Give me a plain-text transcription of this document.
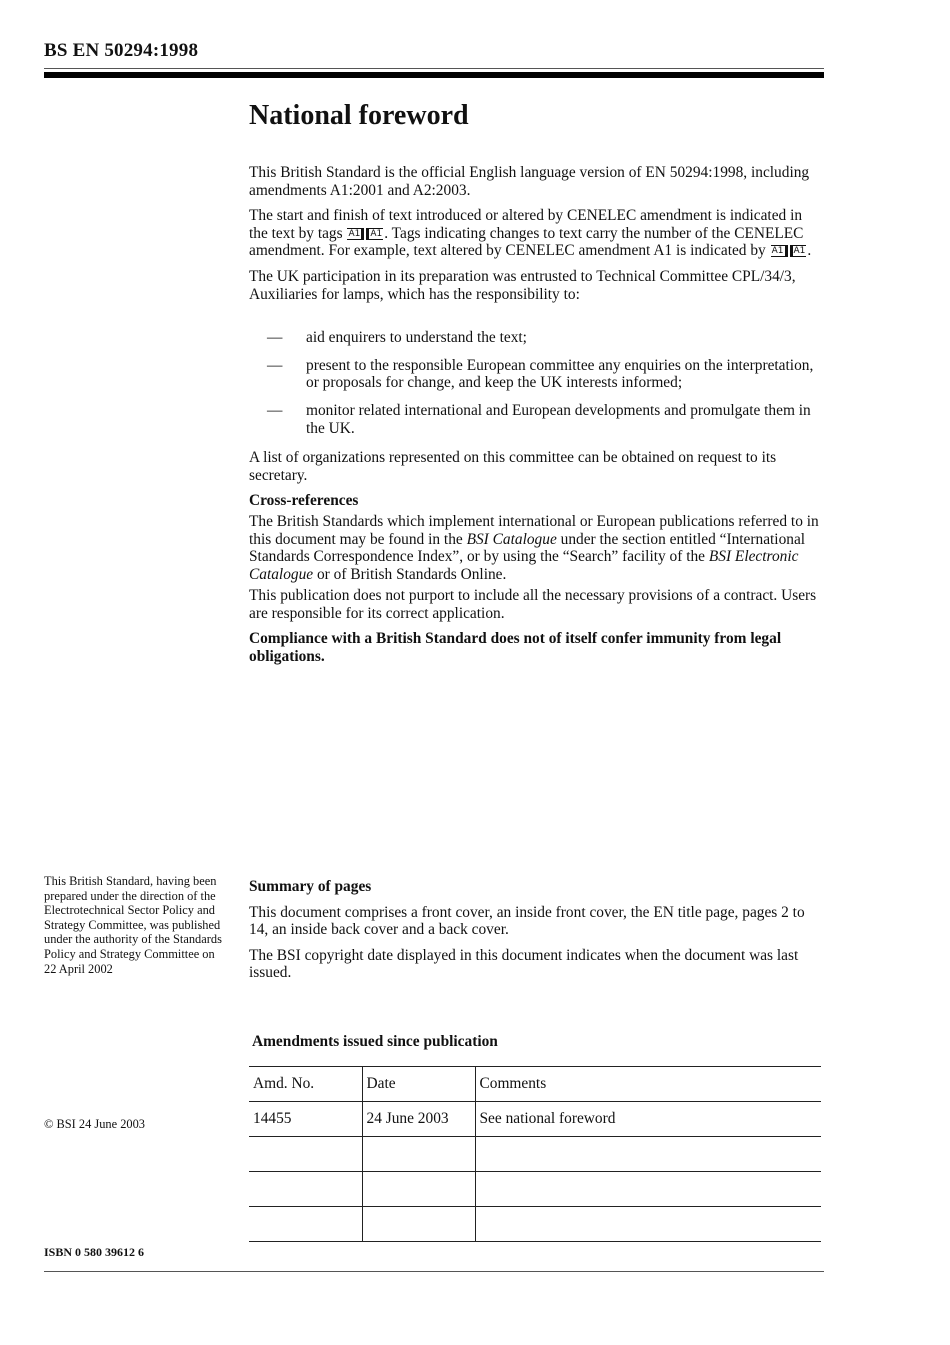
BS EN 50294:1998
National foreword

This British Standard is the official English language version of EN 50294:1998, including amendments A1:2001 and A2:2003.

The start and finish of text introduced or altered by CENELEC amendment is indicated in the text by tags A1 A1 . Tags indicating changes to text carry the number of the CENELEC amendment. For example, text altered by CENELEC amendment A1 is indicated by A1 A1 .

The UK participation in its preparation was entrusted to Technical Committee CPL/34/3, Auxiliaries for lamps, which has the responsibility to:

— aid enquirers to understand the text;
— present to the responsible European committee any enquiries on the interpretation, or proposals for change, and keep the UK interests informed;
— monitor related international and European developments and promulgate them in the UK.

A list of organizations represented on this committee can be obtained on request to its secretary.

Cross-references

The British Standards which implement international or European publications referred to in this document may be found in the BSI Catalogue under the section entitled “International Standards Correspondence Index”, or by using the “Search” facility of the BSI Electronic Catalogue or of British Standards Online.

This publication does not purport to include all the necessary provisions of a contract. Users are responsible for its correct application.

Compliance with a British Standard does not of itself confer immunity from legal obligations.

This British Standard, having been prepared under the direction of the Electrotechnical Sector Policy and Strategy Committee, was published under the authority of the Standards Policy and Strategy Committee on 22 April 2002
© BSI 24 June 2003
Summary of pages

This document comprises a front cover, an inside front cover, the EN title page, pages 2 to 14, an inside back cover and a back cover.

The BSI copyright date displayed in this document indicates when the document was last issued.

Amendments issued since publication
Amd. No.	Date	Comments
14455	24 June 2003	See national foreword

ISBN 0 580 39612 6
